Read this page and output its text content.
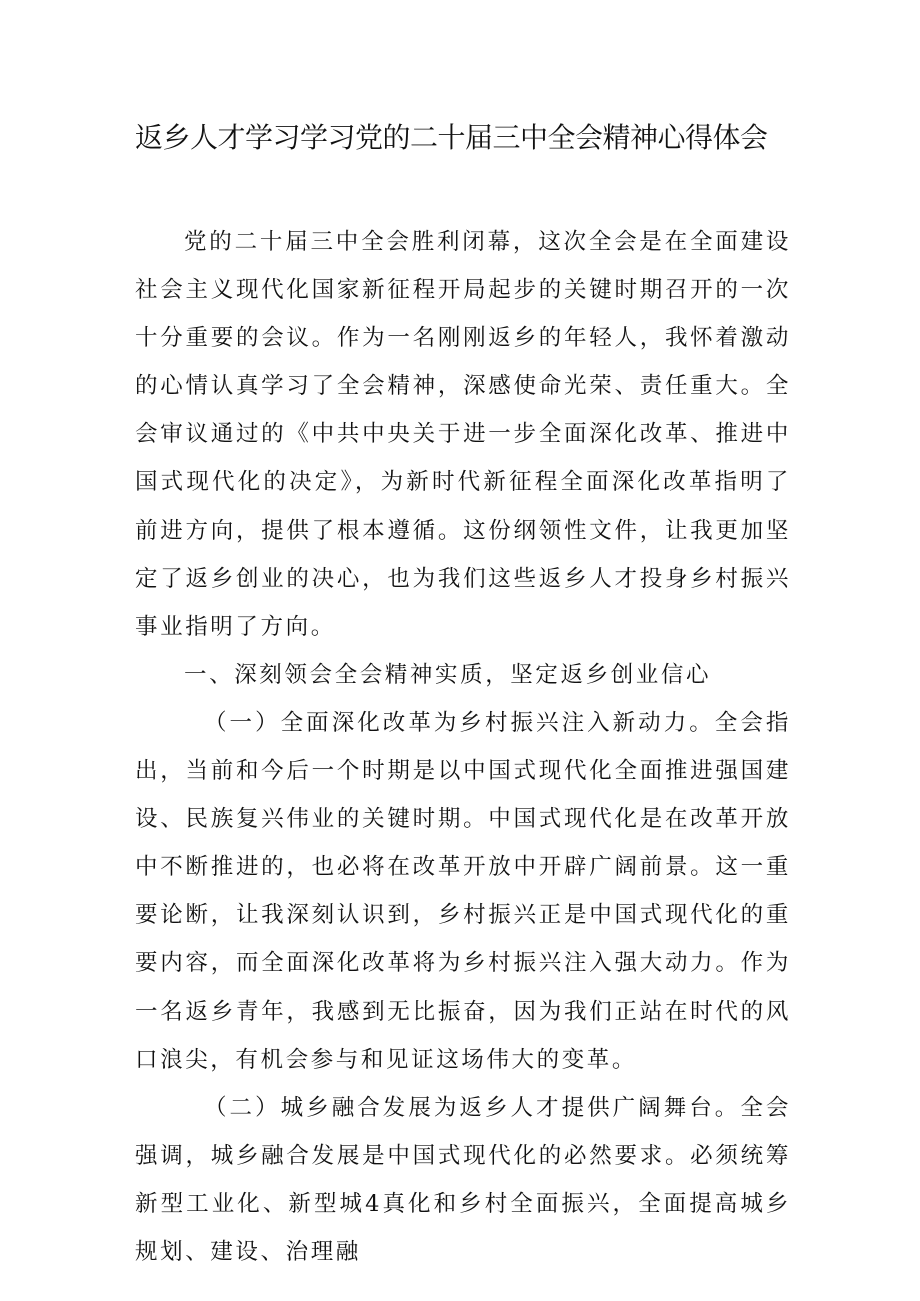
返乡人才学习学习党的二十届三中全会精神心得体会

党的二十届三中全会胜利闭幕，这次全会是在全面建设社会主义现代化国家新征程开局起步的关键时期召开的一次十分重要的会议。作为一名刚刚返乡的年轻人，我怀着激动的心情认真学习了全会精神，深感使命光荣、责任重大。全会审议通过的《中共中央关于进一步全面深化改革、推进中国式现代化的决定》，为新时代新征程全面深化改革指明了前进方向，提供了根本遵循。这份纲领性文件，让我更加坚定了返乡创业的决心，也为我们这些返乡人才投身乡村振兴事业指明了方向。

一、深刻领会全会精神实质，坚定返乡创业信心

（一）全面深化改革为乡村振兴注入新动力。全会指出，当前和今后一个时期是以中国式现代化全面推进强国建设、民族复兴伟业的关键时期。中国式现代化是在改革开放中不断推进的，也必将在改革开放中开辟广阔前景。这一重要论断，让我深刻认识到，乡村振兴正是中国式现代化的重要内容，而全面深化改革将为乡村振兴注入强大动力。作为一名返乡青年，我感到无比振奋，因为我们正站在时代的风口浪尖，有机会参与和见证这场伟大的变革。

（二）城乡融合发展为返乡人才提供广阔舞台。全会强调，城乡融合发展是中国式现代化的必然要求。必须统筹新型工业化、新型城4真化和乡村全面振兴，全面提高城乡规划、建设、治理融
